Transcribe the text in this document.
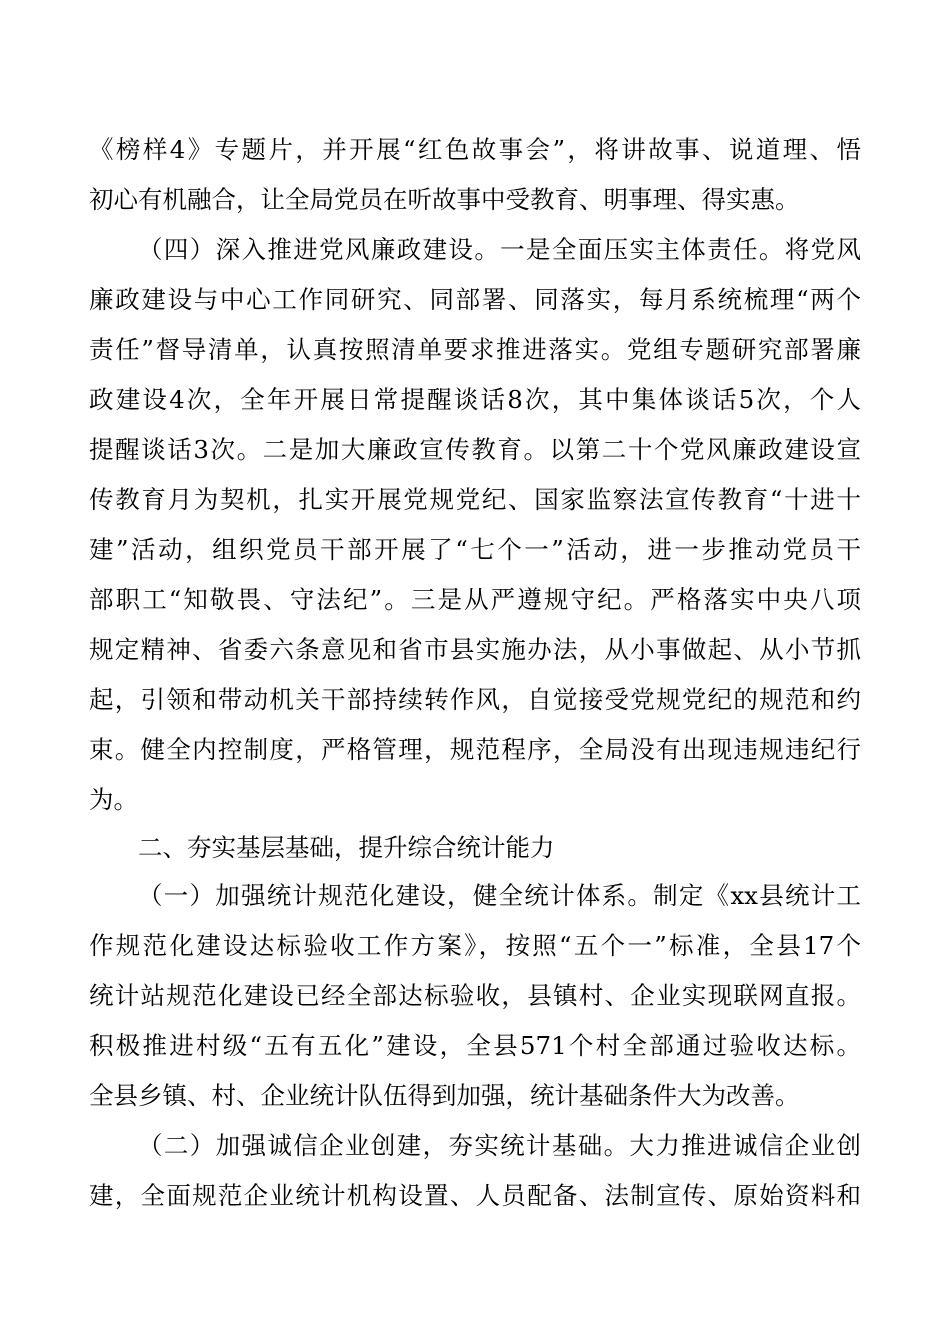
《榜样4》专题片，并开展“红色故事会”，将讲故事、说道理、悟
初心有机融合，让全局党员在听故事中受教育、明事理、得实惠。
（四）深入推进党风廉政建设。一是全面压实主体责任。将党风
廉政建设与中心工作同研究、同部署、同落实，每月系统梳理“两个
责任”督导清单，认真按照清单要求推进落实。党组专题研究部署廉
政建设4次，全年开展日常提醒谈话8次，其中集体谈话5次，个人
提醒谈话3次。二是加大廉政宣传教育。以第二十个党风廉政建设宣
传教育月为契机，扎实开展党规党纪、国家监察法宣传教育“十进十
建”活动，组织党员干部开展了“七个一”活动，进一步推动党员干
部职工“知敬畏、守法纪”。三是从严遵规守纪。严格落实中央八项
规定精神、省委六条意见和省市县实施办法，从小事做起、从小节抓
起，引领和带动机关干部持续转作风，自觉接受党规党纪的规范和约
束。健全内控制度，严格管理，规范程序，全局没有出现违规违纪行
为。
二、夯实基层基础，提升综合统计能力
（一）加强统计规范化建设，健全统计体系。制定《xx县统计工
作规范化建设达标验收工作方案》，按照“五个一”标准，全县17个
统计站规范化建设已经全部达标验收，县镇村、企业实现联网直报。
积极推进村级“五有五化”建设，全县571个村全部通过验收达标。
全县乡镇、村、企业统计队伍得到加强，统计基础条件大为改善。
（二）加强诚信企业创建，夯实统计基础。大力推进诚信企业创
建，全面规范企业统计机构设置、人员配备、法制宣传、原始资料和
